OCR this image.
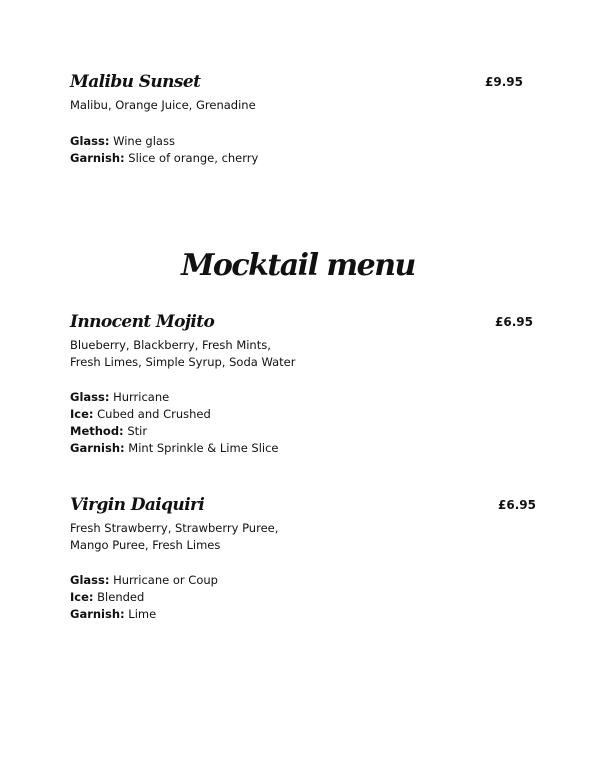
Malibu Sunset	£9.95
Malibu, Orange Juice, Grenadine
Glass: Wine glass
Garnish: Slice of orange, cherry
Mocktail menu
Innocent Mojito	£6.95
Blueberry, Blackberry, Fresh Mints,
Fresh Limes, Simple Syrup, Soda Water
Glass: Hurricane
Ice: Cubed and Crushed
Method: Stir
Garnish: Mint Sprinkle & Lime Slice
Virgin Daiquiri	£6.95
Fresh Strawberry, Strawberry Puree,
Mango Puree, Fresh Limes
Glass: Hurricane or Coup
Ice: Blended
Garnish: Lime
